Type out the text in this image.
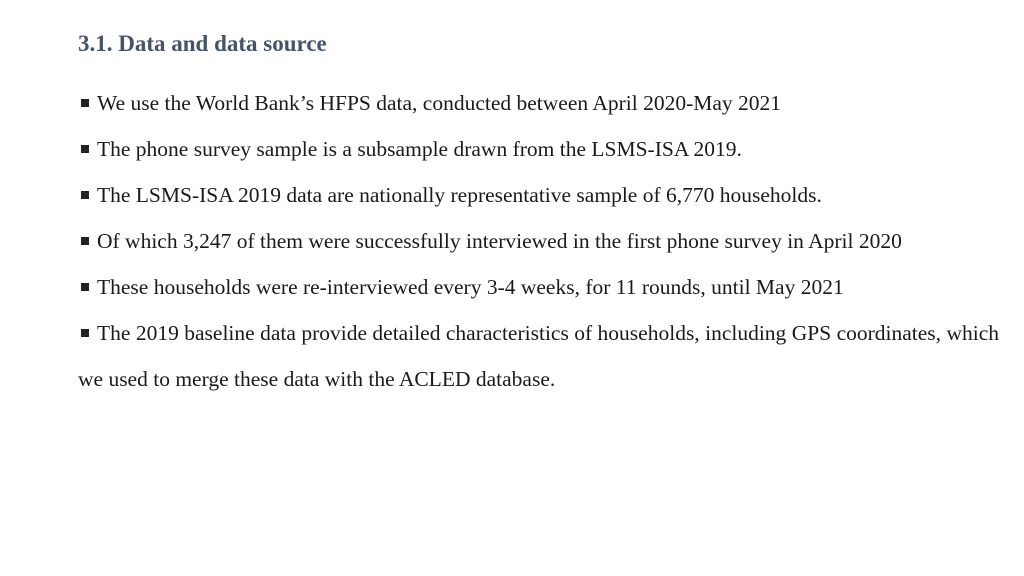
3.1. Data and data source
We use the World Bank’s HFPS data, conducted between April 2020-May 2021
The phone survey sample is a subsample drawn from the LSMS-ISA 2019.
The LSMS-ISA 2019 data are nationally representative sample of 6,770 households.
Of which 3,247 of them were successfully interviewed in the first phone survey in April 2020
These households were re-interviewed every 3-4 weeks, for 11 rounds, until May 2021
The 2019 baseline data provide detailed characteristics of households, including GPS coordinates, which we used to merge these data with the ACLED database.
